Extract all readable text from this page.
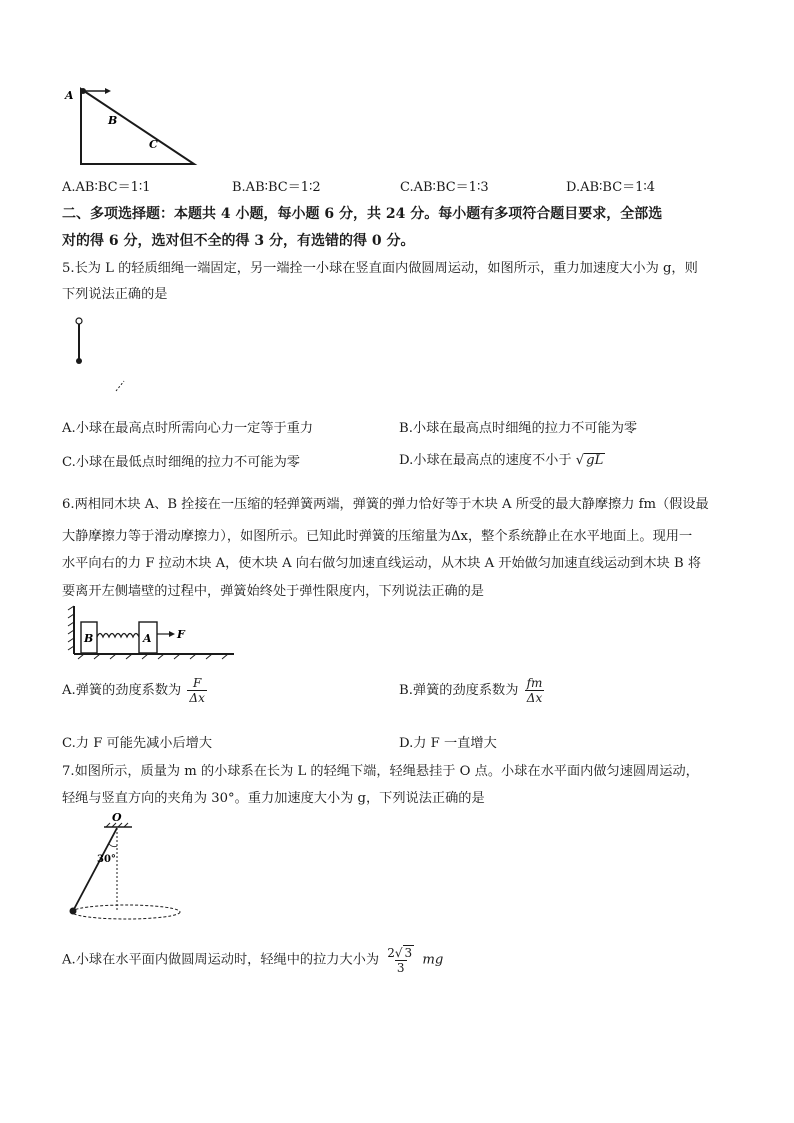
A
B
C
A.AB∶BC＝1∶1	B.AB∶BC＝1∶2	C.AB∶BC＝1∶3	D.AB∶BC＝1∶4
二、多项选择题：本题共 4 小题，每小题 6 分，共 24 分。每小题有多项符合题目要求，全部选
对的得 6 分，选对但不全的得 3 分，有选错的得 0 分。
5.长为 L 的轻质细绳一端固定，另一端拴一小球在竖直面内做圆周运动，如图所示，重力加速度大小为 g，则
下列说法正确的是
A.小球在最高点时所需向心力一定等于重力	B.小球在最高点时细绳的拉力不可能为零
C.小球在最低点时细绳的拉力不可能为零	D.小球在最高点的速度不小于 √ gL
6.两相同木块 A、B 拴接在一压缩的轻弹簧两端，弹簧的弹力恰好等于木块 A 所受的最大静摩擦力 fm（假设最
大静摩擦力等于滑动摩擦力），如图所示。已知此时弹簧的压缩量为Δx，整个系统静止在水平地面上。现用一
水平向右的力 F 拉动木块 A，使木块 A 向右做匀加速直线运动，从木块 A 开始做匀加速直线运动到木块 B 将
要离开左侧墙壁的过程中，弹簧始终处于弹性限度内，下列说法正确的是
B	A F
A.弹簧的劲度系数为 $\frac{F}{\Delta x}$	B.弹簧的劲度系数为 $\frac{fm}{\Delta x}$
C.力 F 可能先减小后增大	D.力 F 一直增大
7.如图所示，质量为 m 的小球系在长为 L 的轻绳下端，轻绳悬挂于 O 点。小球在水平面内做匀速圆周运动，
轻绳与竖直方向的夹角为 30°。重力加速度大小为 g，下列说法正确的是
O
30°
A.小球在水平面内做圆周运动时，轻绳中的拉力大小为 $\frac{2√ 3}{3}$ mg
